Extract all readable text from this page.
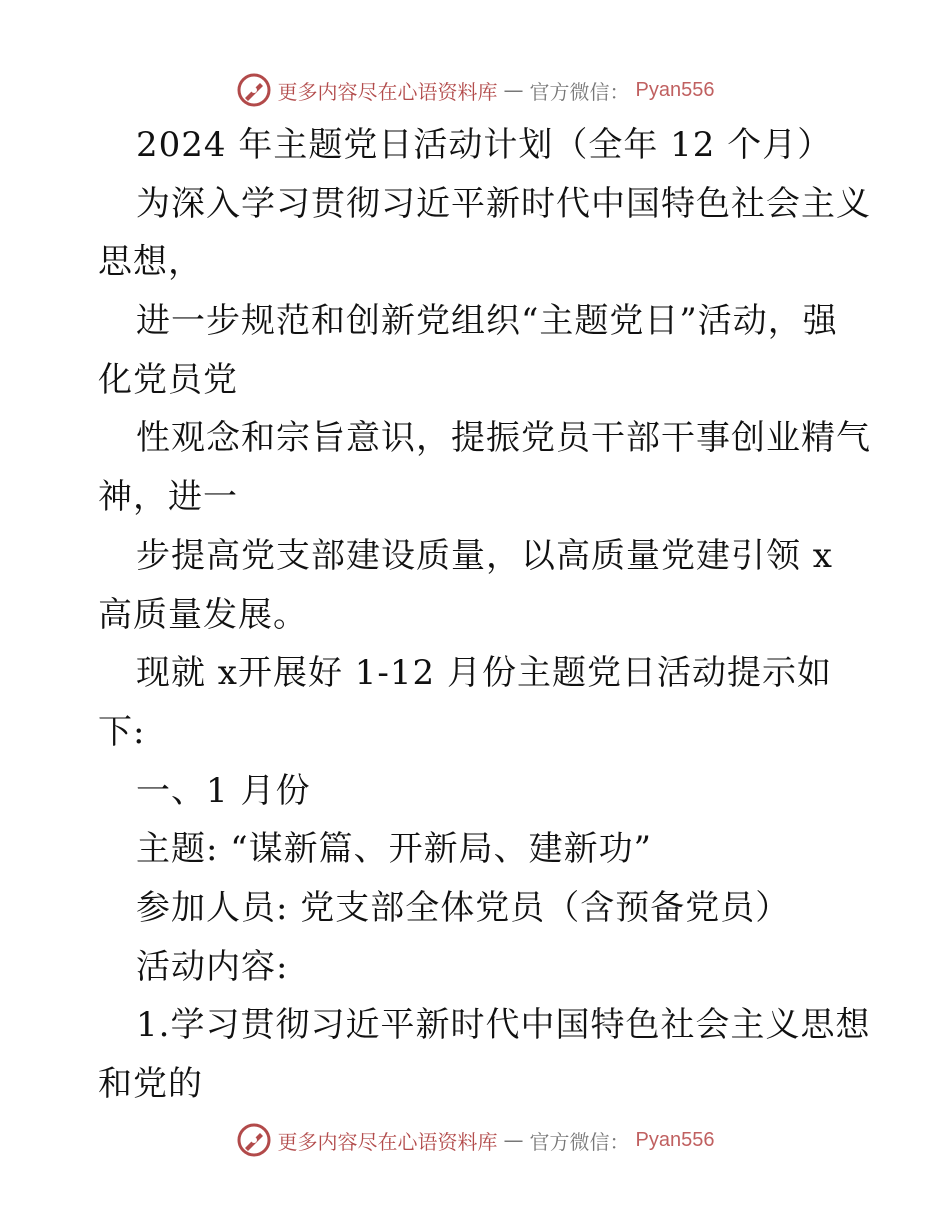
更多内容尽在心语资料库 — 官方微信： Pyan556
2024 年主题党日活动计划（全年 12 个月）
为深入学习贯彻习近平新时代中国特色社会主义
思想，
进一步规范和创新党组织“主题党日”活动，强
化党员党
性观念和宗旨意识，提振党员干部干事创业精气
神，进一
步提高党支部建设质量，以高质量党建引领 x
高质量发展。
现就 x开展好 1-12 月份主题党日活动提示如
下:
一、1 月份
主题: “谋新篇、开新局、建新功”
参加人员: 党支部全体党员（含预备党员）
活动内容:
1.学习贯彻习近平新时代中国特色社会主义思想
和党的
更多内容尽在心语资料库 — 官方微信： Pyan556
